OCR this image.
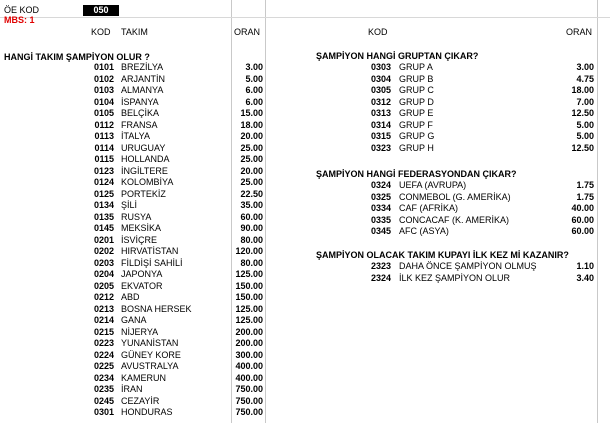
ÖE KOD	050
MBS: 1
KOD TAKIM	ORAN
HANGİ TAKIM ŞAMPİYON OLUR ?
0101 BREZİLYA	3.00
0102 ARJANTİN	5.00
0103 ALMANYA	6.00
0104 İSPANYA	6.00
0105 BELÇİKA	15.00
0112 FRANSA	18.00
0113 İTALYA	20.00
0114 URUGUAY	25.00
0115 HOLLANDA	25.00
0123 İNGİLTERE	20.00
0124 KOLOMBİYA	25.00
0125 PORTEKİZ	22.50
0134 ŞİLİ	35.00
0135 RUSYA	60.00
0145 MEKSİKA	90.00
0201 İSVİÇRE	80.00
0202 HIRVATİSTAN	120.00
0203 FİLDİŞİ SAHİLİ	80.00
0204 JAPONYA	125.00
0205 EKVATOR	150.00
0212 ABD	150.00
0213 BOSNA HERSEK	125.00
0214 GANA	125.00
0215 NİJERYA	200.00
0223 YUNANİSTAN	200.00
0224 GÜNEY KORE	300.00
0225 AVUSTRALYA	400.00
0234 KAMERUN	400.00
0235 İRAN	750.00
0245 CEZAYİR	750.00
0301 HONDURAS	750.00
KOD	ORAN
ŞAMPİYON HANGİ GRUPTAN ÇIKAR?
0303 GRUP A	3.00
0304 GRUP B	4.75
0305 GRUP C	18.00
0312 GRUP D	7.00
0313 GRUP E	12.50
0314 GRUP F	5.00
0315 GRUP G	5.00
0323 GRUP H	12.50
ŞAMPİYON HANGİ FEDERASYONDAN ÇIKAR?
0324 UEFA (AVRUPA)	1.75
0325 CONMEBOL (G. AMERİKA)	1.75
0334 CAF (AFRİKA)	40.00
0335 CONCACAF (K. AMERİKA)	60.00
0345 AFC (ASYA)	60.00
ŞAMPİYON OLACAK TAKIM KUPAYI İLK KEZ Mİ KAZANIR?
2323 DAHA ÖNCE ŞAMPİYON OLMUŞ	1.10
2324 İLK KEZ ŞAMPİYON OLUR	3.40
